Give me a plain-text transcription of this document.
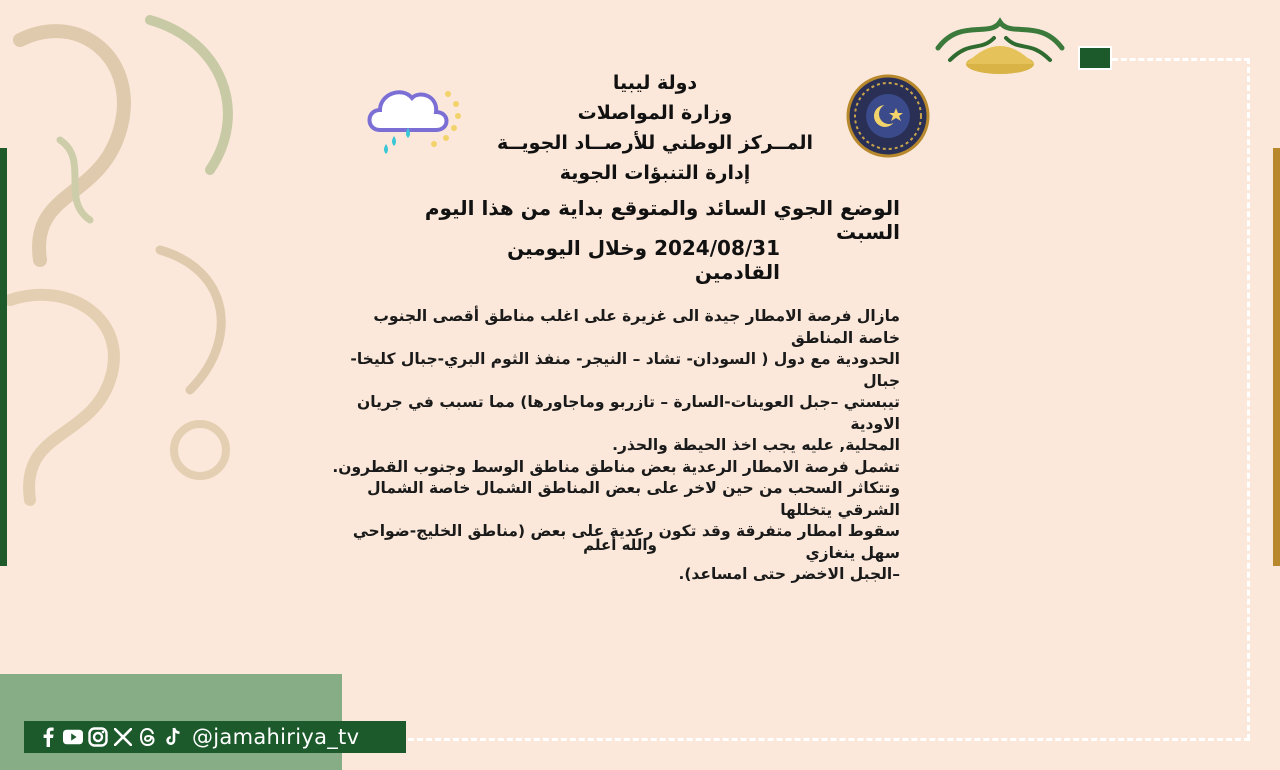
دولة ليبيا
وزارة المواصلات
المــركز الوطني للأرصــاد الجويــة
إدارة التنبؤات الجوية
الوضع الجوي السائد والمتوقع بداية من هذا اليوم السبت
2024/08/31 وخلال اليومين القادمين

مازال فرصة الامطار جيدة الى غزيرة على اغلب مناطق أقصى الجنوب خاصة المناطق

الحدودية مع دول ( السودان- تشاد – النيجر- منفذ الثوم البري-جبال كليخا- جبال

تيبستي –جبل العوينات-السارة – تازربو وماجاورها) مما تسبب في جريان الاودية

المحلية, عليه يجب اخذ الحيطة والحذر.

تشمل فرصة الامطار الرعدية بعض مناطق مناطق الوسط وجنوب القطرون.

وتتكاثر السحب من حين لاخر على بعض المناطق الشمال خاصة الشمال الشرقي يتخللها

سقوط امطار متفرقة وقد تكون رعدية على بعض (مناطق الخليج-ضواحي سهل ينغازي

–الجبل الاخضر حتى امساعد).

والله أعلم
@jamahiriya_tv
